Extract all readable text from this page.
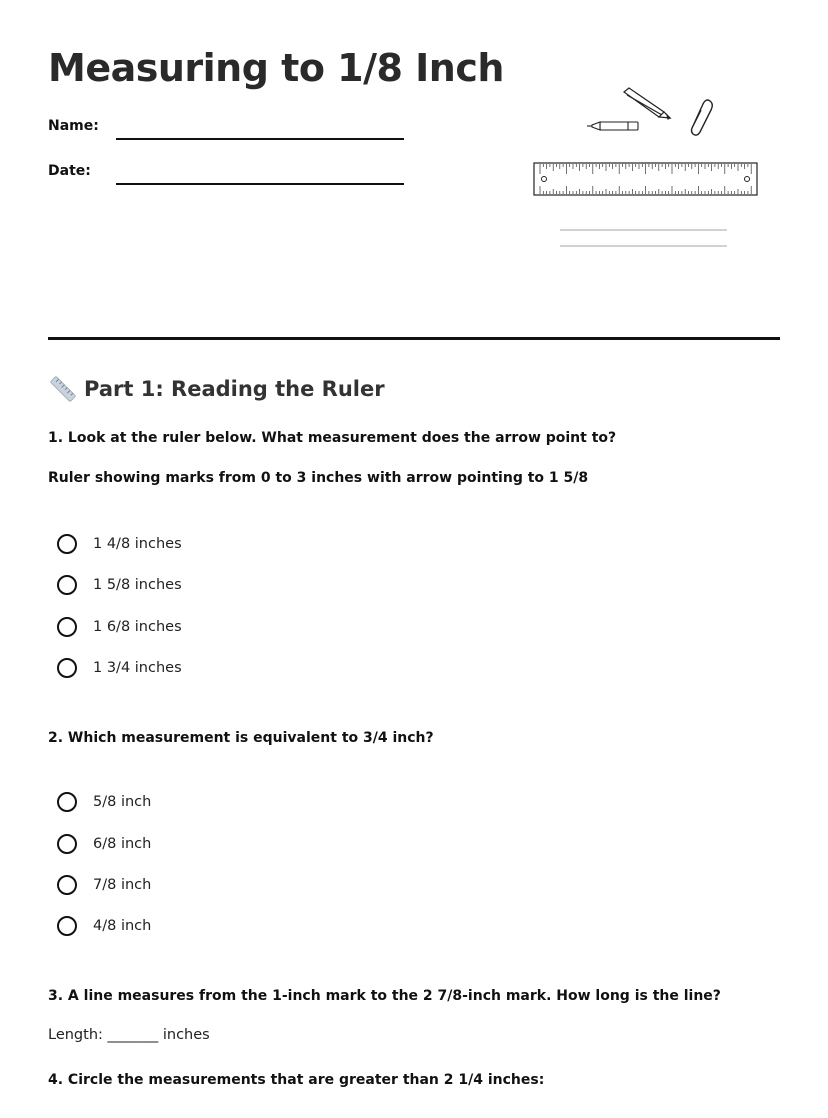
Measuring to 1/8 Inch
Name:
Date:
Part 1: Reading the Ruler

1. Look at the ruler below. What measurement does the arrow point to?

Ruler showing marks from 0 to 3 inches with arrow pointing to 1 5/8

1 4/8 inches
1 5/8 inches
1 6/8 inches
1 3/4 inches

2. Which measurement is equivalent to 3/4 inch?

5/8 inch
6/8 inch
7/8 inch
4/8 inch

3. A line measures from the 1-inch mark to the 2 7/8-inch mark. How long is the line?

Length: _______ inches

4. Circle the measurements that are greater than 2 1/4 inches:
